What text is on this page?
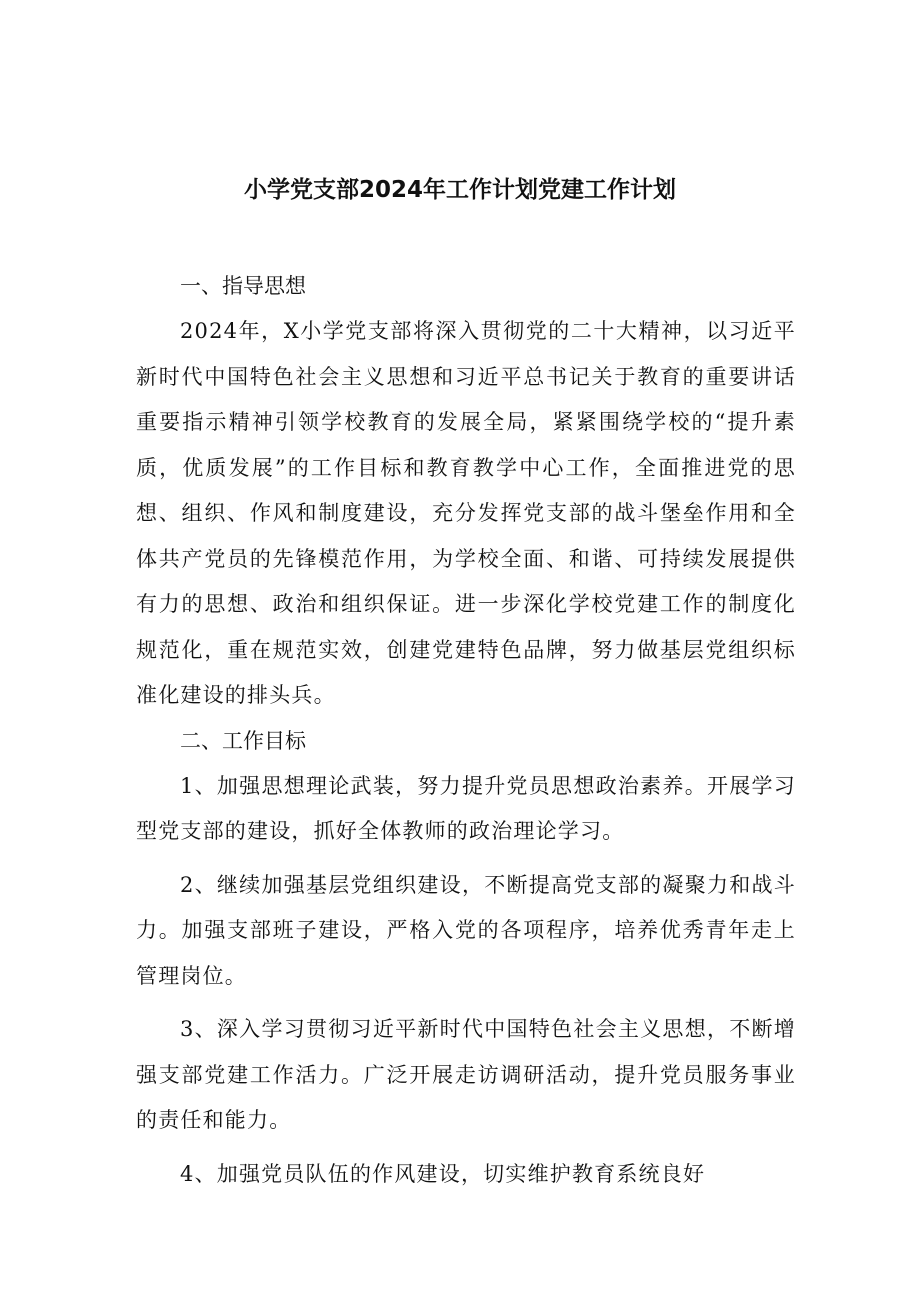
小学党支部2024年工作计划党建工作计划
一、指导思想

2024年，X小学党支部将深入贯彻党的二十大精神，以习近平新时代中国特色社会主义思想和习近平总书记关于教育的重要讲话重要指示精神引领学校教育的发展全局，紧紧围绕学校的“提升素质，优质发展”的工作目标和教育教学中心工作，全面推进党的思想、组织、作风和制度建设，充分发挥党支部的战斗堡垒作用和全体共产党员的先锋模范作用，为学校全面、和谐、可持续发展提供有力的思想、政治和组织保证。进一步深化学校党建工作的制度化规范化，重在规范实效，创建党建特色品牌，努力做基层党组织标准化建设的排头兵。

二、工作目标

1、加强思想理论武装，努力提升党员思想政治素养。开展学习型党支部的建设，抓好全体教师的政治理论学习。

2、继续加强基层党组织建设，不断提高党支部的凝聚力和战斗力。加强支部班子建设，严格入党的各项程序，培养优秀青年走上管理岗位。

3、深入学习贯彻习近平新时代中国特色社会主义思想，不断增强支部党建工作活力。广泛开展走访调研活动，提升党员服务事业的责任和能力。

4、加强党员队伍的作风建设，切实维护教育系统良好
